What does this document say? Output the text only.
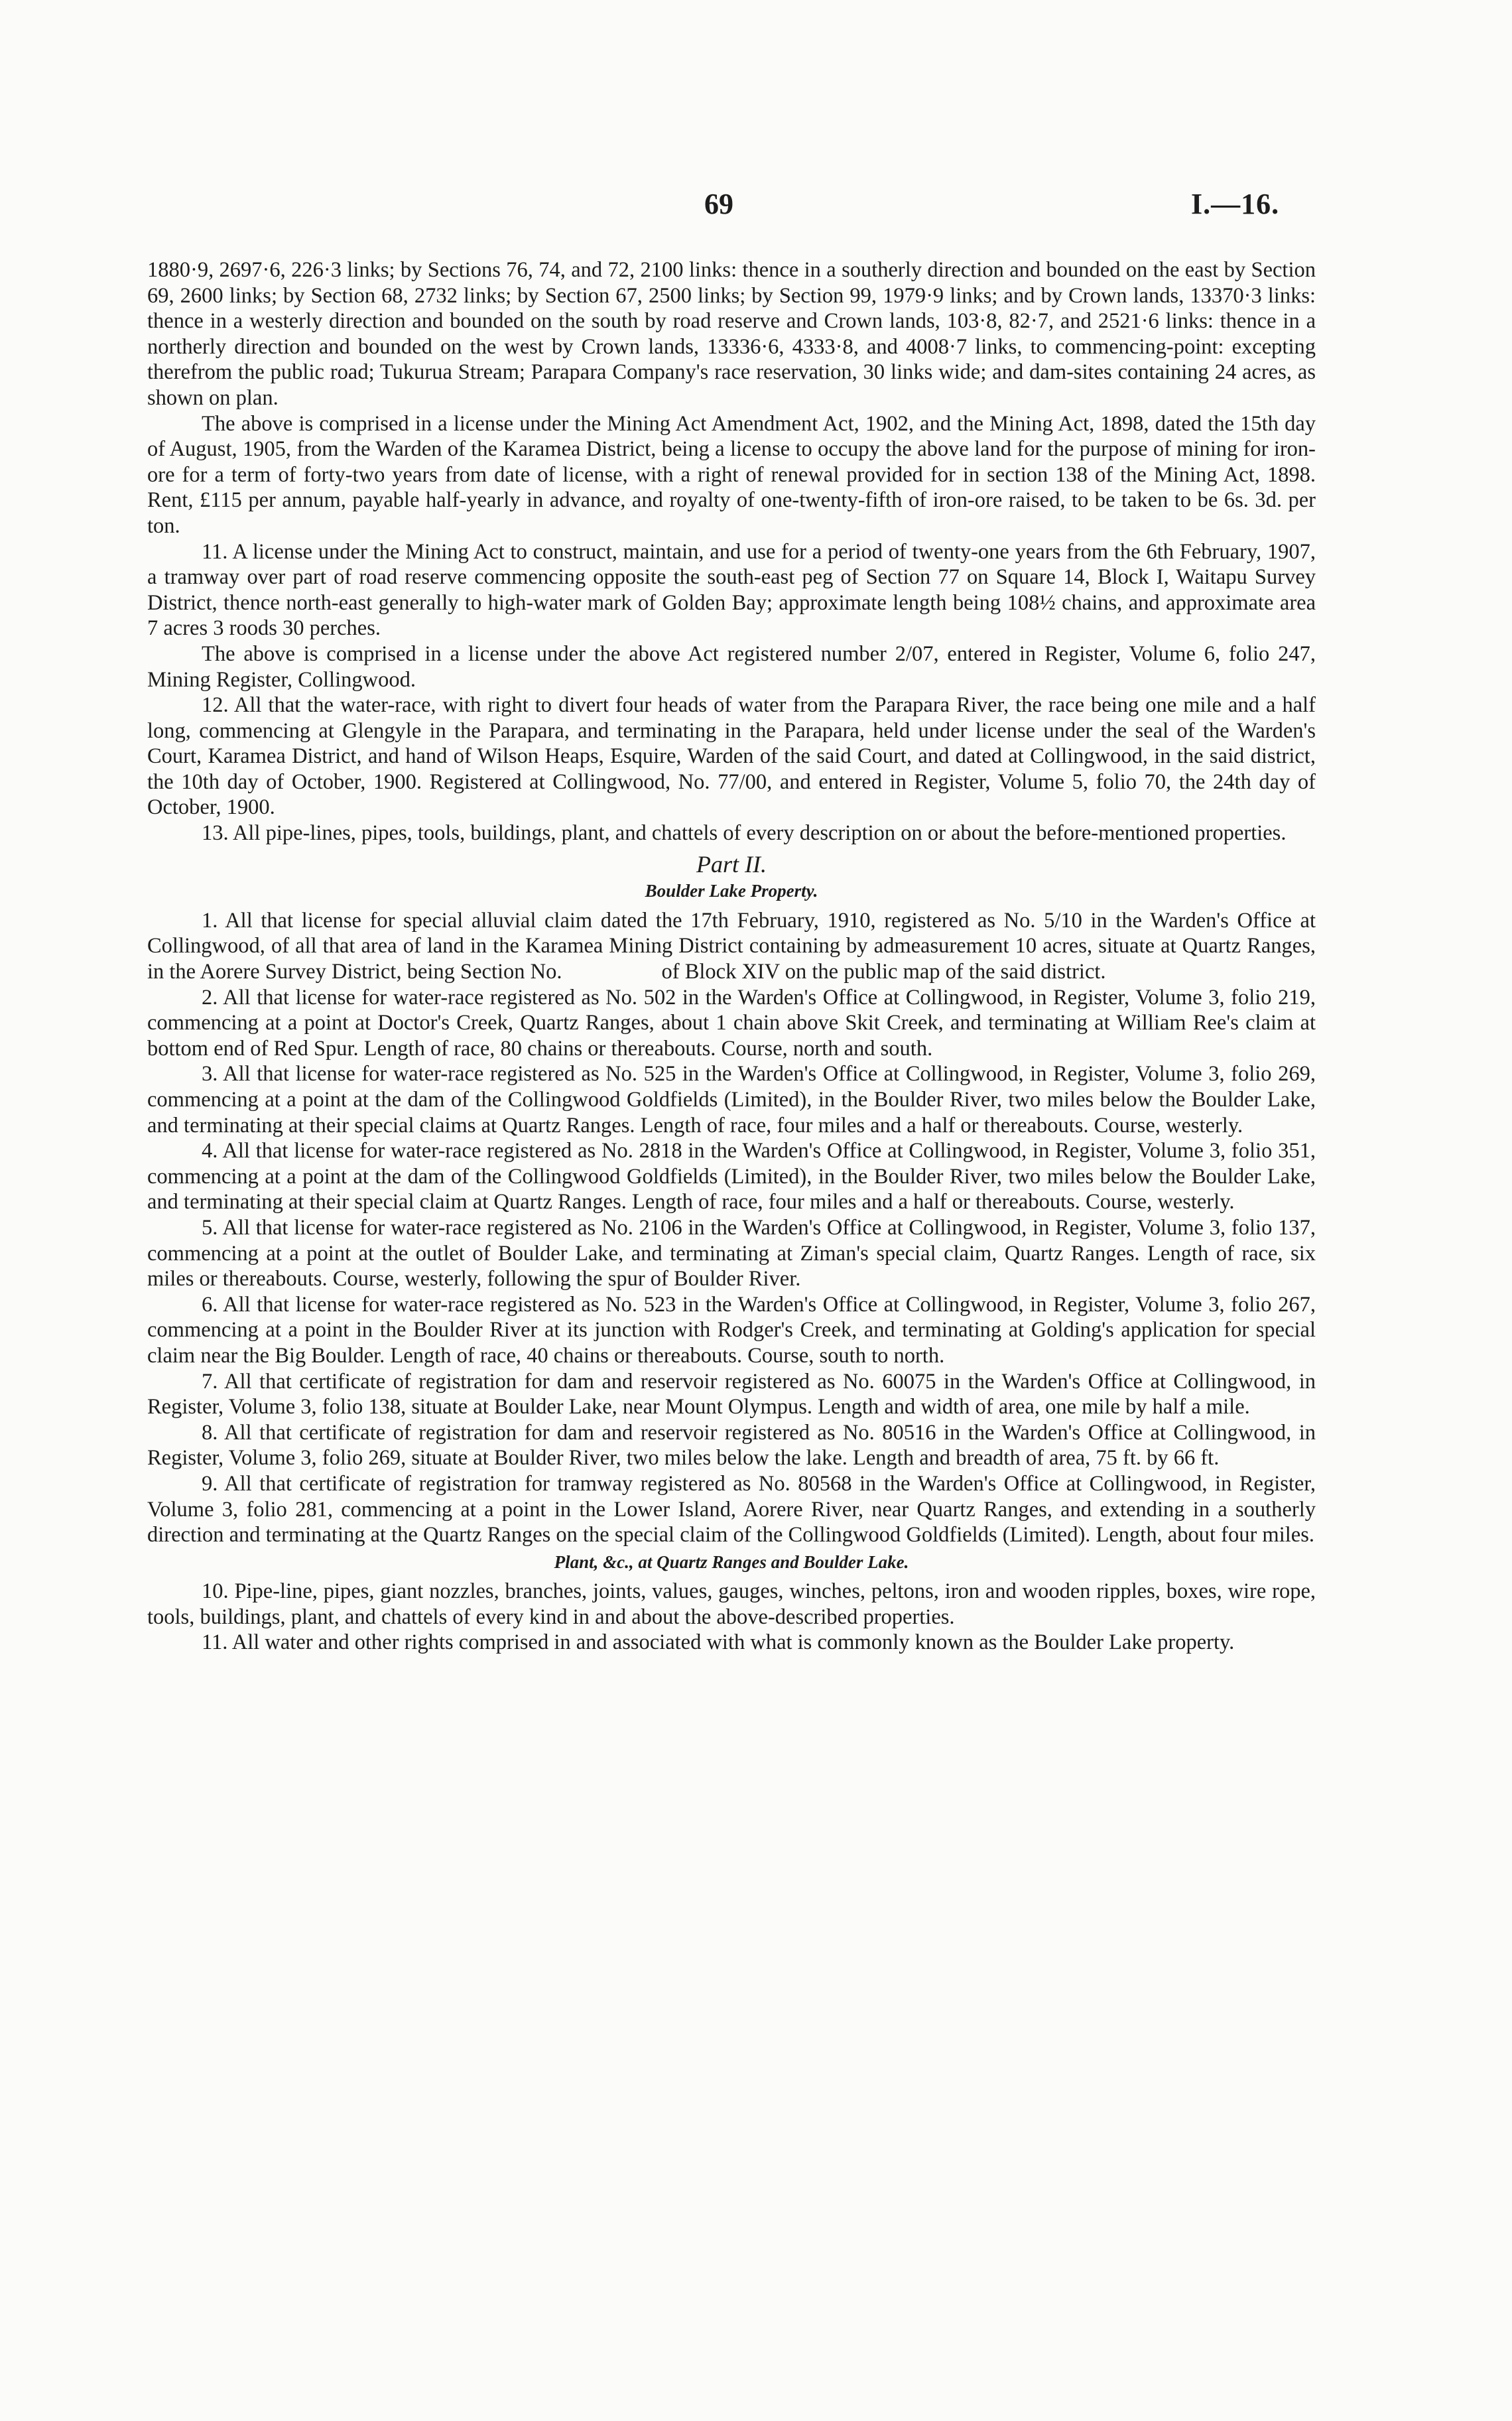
69	I.—16.

1880·9, 2697·6, 226·3 links; by Sections 76, 74, and 72, 2100 links: thence in a southerly direction and bounded on the east by Section 69, 2600 links; by Section 68, 2732 links; by Section 67, 2500 links; by Section 99, 1979·9 links; and by Crown lands, 13370·3 links: thence in a westerly direction and bounded on the south by road reserve and Crown lands, 103·8, 82·7, and 2521·6 links: thence in a northerly direction and bounded on the west by Crown lands, 13336·6, 4333·8, and 4008·7 links, to commencing-point: excepting therefrom the public road; Tukurua Stream; Parapara Company's race reservation, 30 links wide; and dam-sites containing 24 acres, as shown on plan.

The above is comprised in a license under the Mining Act Amendment Act, 1902, and the Mining Act, 1898, dated the 15th day of August, 1905, from the Warden of the Karamea District, being a license to occupy the above land for the purpose of mining for iron-ore for a term of forty-two years from date of license, with a right of renewal provided for in section 138 of the Mining Act, 1898. Rent, £115 per annum, payable half-yearly in advance, and royalty of one-twenty-fifth of iron-ore raised, to be taken to be 6s. 3d. per ton.

11. A license under the Mining Act to construct, maintain, and use for a period of twenty-one years from the 6th February, 1907, a tramway over part of road reserve commencing opposite the south-east peg of Section 77 on Square 14, Block I, Waitapu Survey District, thence north-east generally to high-water mark of Golden Bay; approximate length being 108½ chains, and approximate area 7 acres 3 roods 30 perches.

The above is comprised in a license under the above Act registered number 2/07, entered in Register, Volume 6, folio 247, Mining Register, Collingwood.

12. All that the water-race, with right to divert four heads of water from the Parapara River, the race being one mile and a half long, commencing at Glengyle in the Parapara, and terminating in the Parapara, held under license under the seal of the Warden's Court, Karamea District, and hand of Wilson Heaps, Esquire, Warden of the said Court, and dated at Collingwood, in the said district, the 10th day of October, 1900. Registered at Collingwood, No. 77/00, and entered in Register, Volume 5, folio 70, the 24th day of October, 1900.

13. All pipe-lines, pipes, tools, buildings, plant, and chattels of every description on or about the before-mentioned properties.

Part II.
Boulder Lake Property.

1. All that license for special alluvial claim dated the 17th February, 1910, registered as No. 5/10 in the Warden's Office at Collingwood, of all that area of land in the Karamea Mining District containing by admeasurement 10 acres, situate at Quartz Ranges, in the Aorere Survey District, being Section No.	of Block XIV on the public map of the said district.

2. All that license for water-race registered as No. 502 in the Warden's Office at Collingwood, in Register, Volume 3, folio 219, commencing at a point at Doctor's Creek, Quartz Ranges, about 1 chain above Skit Creek, and terminating at William Ree's claim at bottom end of Red Spur. Length of race, 80 chains or thereabouts. Course, north and south.

3. All that license for water-race registered as No. 525 in the Warden's Office at Collingwood, in Register, Volume 3, folio 269, commencing at a point at the dam of the Collingwood Goldfields (Limited), in the Boulder River, two miles below the Boulder Lake, and terminating at their special claims at Quartz Ranges. Length of race, four miles and a half or thereabouts. Course, westerly.

4. All that license for water-race registered as No. 2818 in the Warden's Office at Collingwood, in Register, Volume 3, folio 351, commencing at a point at the dam of the Collingwood Goldfields (Limited), in the Boulder River, two miles below the Boulder Lake, and terminating at their special claim at Quartz Ranges. Length of race, four miles and a half or thereabouts. Course, westerly.

5. All that license for water-race registered as No. 2106 in the Warden's Office at Collingwood, in Register, Volume 3, folio 137, commencing at a point at the outlet of Boulder Lake, and terminating at Ziman's special claim, Quartz Ranges. Length of race, six miles or thereabouts. Course, westerly, following the spur of Boulder River.

6. All that license for water-race registered as No. 523 in the Warden's Office at Collingwood, in Register, Volume 3, folio 267, commencing at a point in the Boulder River at its junction with Rodger's Creek, and terminating at Golding's application for special claim near the Big Boulder. Length of race, 40 chains or thereabouts. Course, south to north.

7. All that certificate of registration for dam and reservoir registered as No. 60075 in the Warden's Office at Collingwood, in Register, Volume 3, folio 138, situate at Boulder Lake, near Mount Olympus. Length and width of area, one mile by half a mile.

8. All that certificate of registration for dam and reservoir registered as No. 80516 in the Warden's Office at Collingwood, in Register, Volume 3, folio 269, situate at Boulder River, two miles below the lake. Length and breadth of area, 75 ft. by 66 ft.

9. All that certificate of registration for tramway registered as No. 80568 in the Warden's Office at Collingwood, in Register, Volume 3, folio 281, commencing at a point in the Lower Island, Aorere River, near Quartz Ranges, and extending in a southerly direction and terminating at the Quartz Ranges on the special claim of the Collingwood Goldfields (Limited). Length, about four miles.

Plant, &c., at Quartz Ranges and Boulder Lake.

10. Pipe-line, pipes, giant nozzles, branches, joints, values, gauges, winches, peltons, iron and wooden ripples, boxes, wire rope, tools, buildings, plant, and chattels of every kind in and about the above-described properties.

11. All water and other rights comprised in and associated with what is commonly known as the Boulder Lake property.
